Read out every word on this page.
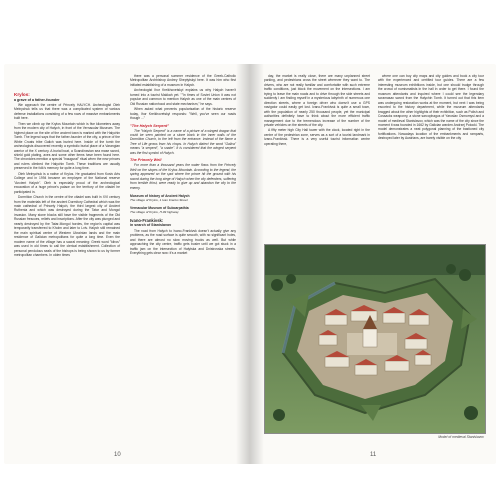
Krylos:
a grave of a father-founder

We approach the centre of Princely HALYCH. Archeologist Oleh Melnychuk tells us that there was a complicated system of various defense installations consisting of a few rows of massive embankments built here.

Then we climb up the Krylos Mountain which is five kilometers away from the modern city of Halych, in front of the Vernacular Museum. The highest place on the site of the ancient town is marked with the Halychin Tomb. The legend says that the father-founder of the city, a prince of the White Croats tribe Galich was buried here. Inside of the tomb the archeologists discovered recently a symbolic burial place of a Varangian warrior of the X century. A burial boat, a Scandinavian sea mase sword, shield gold plating, axes and some other items have been found here. The chronicles mention a special "inaugural" ritual when the new princes and rulers climbed the Halychin Tomb. These traditions are usually preserved in the folk's memory for quite a long time.

Oleh Melnychuk is a native of Krylos. He graduated from Kosiv Arts College and in 1994 became an employee of the National reserve "Ancient Halych". Oleh is especially proud of the archeological excavation of a huge prince's palace on the territory of the citadel he participated in.

Dormition Church in the centre of the citadel was built in XVI century from the materials left of the ancient Dormitory Cathedral which was the main cathedral of Princely Halych, the third largest city of Ancient Ruthenia and which was destroyed during the Tatar and Mongol invasion. Many stone blocks still have the visible fragments of the Old Russian frescoes, reliefs and inscriptions. After the city was plunged and nearly destroyed by the Tatar-Mongol hordes, the region's capital was temporarily transferred to Kholm and later to Lviv. Halych still remained the main spiritual centre of Western Ukrainian lands and the main residence of Galician metropolitans for quite a long time. Even the modern name of the village has a sacral meaning: Greek word "kliros" was used in old times to call the clerical establishment. Collection of personal pendulous seals of the bishops is being shown to us by former metropolitan chambers. In olden times

there was a personal summer residence of the Greek-Catholic Metropolitan Archbishop Andrey Sheptytskyi here. It was him who first initiated establishing of a museum in Halych.

Archeologist Ihor Kreikhovetskyi explains us why Halych haven't turned into a tourist Makkah yet. ""In times of Soviet Union it was not popular and common to mention Halych as one of the main centres of Old Russian nationhood and state mechanism," he says.

When asked what prevents popularisation of the historic reserve today, Ihor Kreikhovetskyi responds: "Well, you've seen our roads though ..."

"The Halych Serpent"

The "Halych Serpent" is a name of a picture of a winged dragon that could be seen painted on a stone block in the inner walls of the Dormition Church, to the left from the entrance. Instead of the flame a Tree of Life grows from his chops. In Halych dialect the word "Galica" means "a serpent", "a snake". It is considered that the winged serpent was the first symbol of Halych.

The Princely Well

For more than a thousand years the water flows from the Princely Well on the slopes of the Krylos Mountain. According to the legend, the spring appeared on the spot where the prince hit the ground with his sword during the long siege of Halych when the city defenders, suffering from terrible thirst, were ready to give up and abandon the city to the enemy.

Museum of history of Ancient Halych
The village of Krylos, 1 Ivan Franko Street
Vernacular Museum of Subcarpathia
The village of Krylos, H-09 highway
Ivano-Frankivsk:
in search of Stanislavov

The road from Halych to Ivano-Frankivsk doesn't actually give any problems, as the road surface is quite smooth, with no significant holes, and there are almost no slow moving trucks as well. But while approaching the city centre, traffic gets busier until we got stuck in a traffic jam on the intersection of Halytska and Dnistrovska streets. Everything gets clear now: it's a market

10

day, the market is really close, there are many unplanned street parking, and pedestrians cross the street wherever they want to. The drivers, who are not really familiar and comfortable with such extreme traffic conditions, just block the movement on the intersections. I am trying to leave the main roads and to drive through the side streets and suddenly I am finding myself in a mysterious labyrinth of numerous one direction streets, where a foreign driver who doesn't use a GPS navigator could easily get lost. Ivano-Frankivsk is quite a small town, with the population of nearly 250 thousand people, yet the municipal authorities definitely have to think about the more efficient traffic management due to the tremendous increase of the number of the private vehicles on the streets of the city.

A fifty meter high City Hall tower with the clock, located right in the centre of the pedestrian zone, serves as a sort of a tourist landmark in Ivano-Frankivsk. There is a very useful tourist information centre operating there,

where one can buy city maps and city guides and book a city tour with the experienced and certified tour guides. There are a few interesting museum exhibitions inside, but one should trudge through the crowd of numismatists in the hall in order to get there. I found the museum attendants and inquired where I could see the legendary scramasax sword from the Halychin Tomb. It turned out that this item was undergoing restoration works at the moment, but next I was being escorted to the history department, while the museum attendants bragged about the other highlights of their exhibition, such as Polish and Cossacks weaponry, a stone sarcophagus of Yaroslav Osmomysl and a model of medieval Stanislavov, which was the name of the city since the moment it was founded in 1662 by Galician warden Andrzej Potocki. The model demonstrates a neat polygonal planning of the bastioned city fortifications. Nowadays location of the embankments and ramparts, destroyed later by Austrians, are barely visible on the city

Model of medieval Stanislavov
11
